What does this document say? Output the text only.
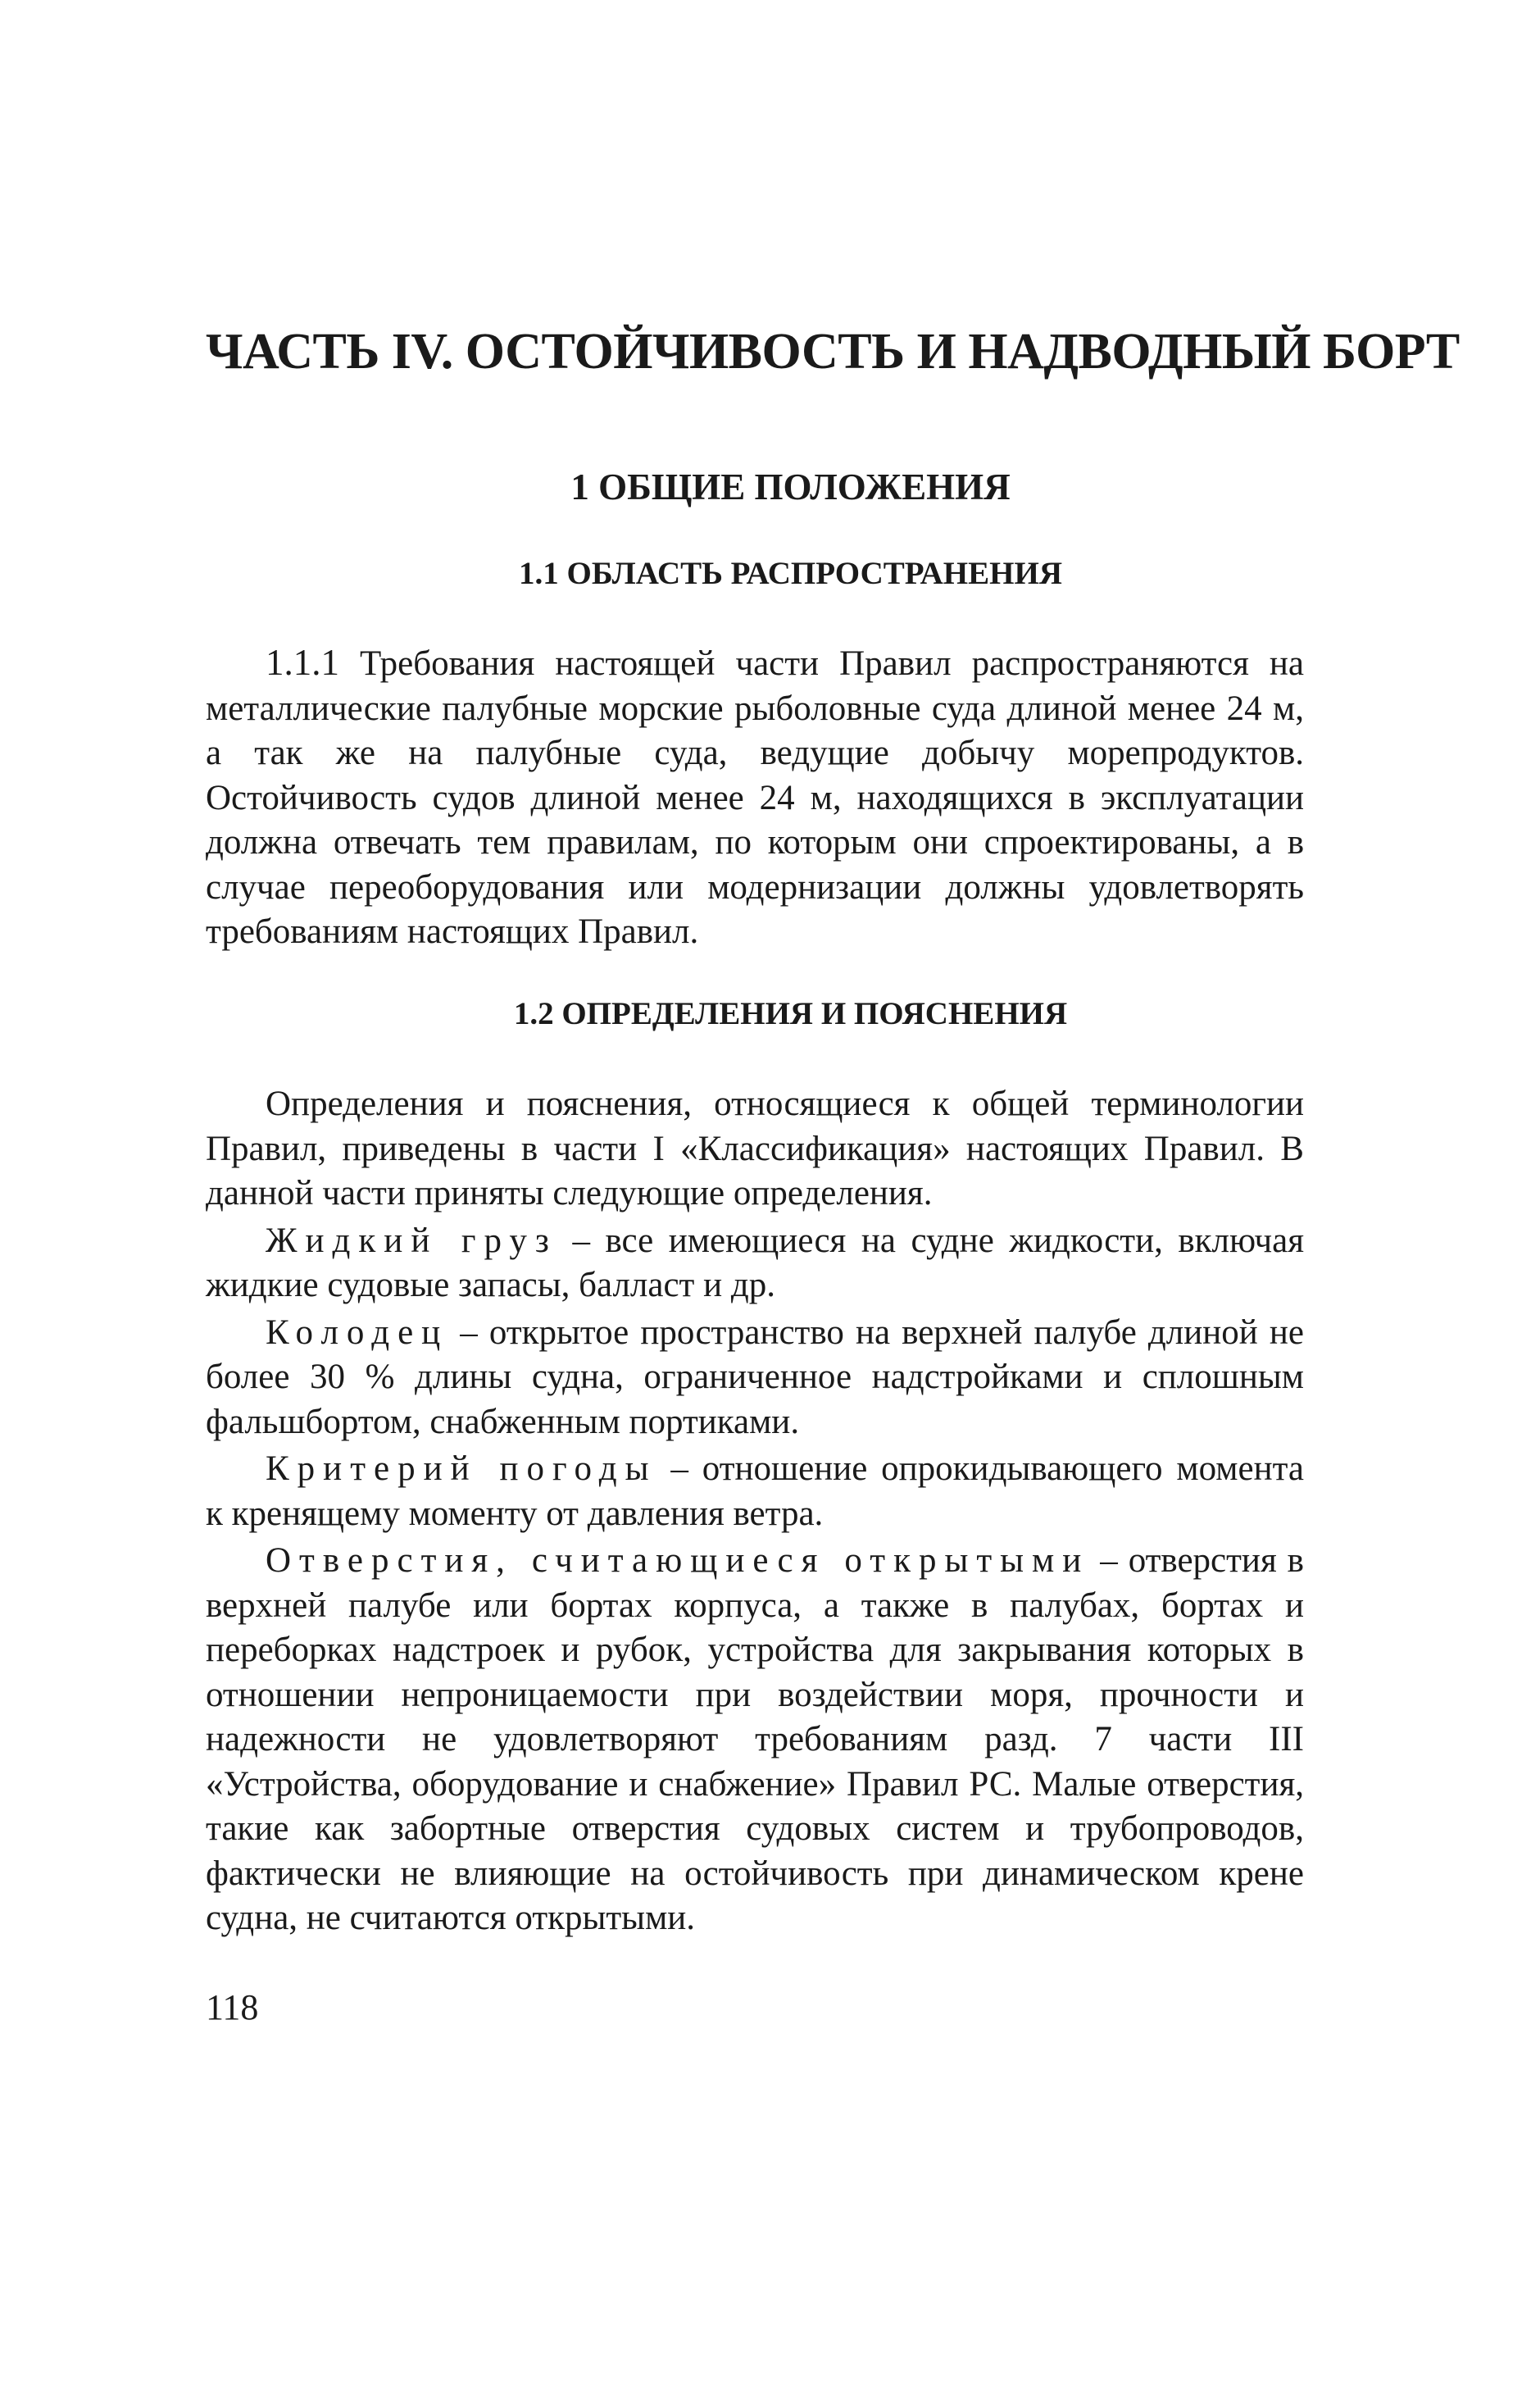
ЧАСТЬ IV. ОСТОЙЧИВОСТЬ И НАДВОДНЫЙ БОРТ
1 ОБЩИЕ ПОЛОЖЕНИЯ
1.1 ОБЛАСТЬ РАСПРОСТРАНЕНИЯ

1.1.1 Требования настоящей части Правил распространяются на металлические палубные морские рыболовные суда длиной менее 24 м, а так же на палубные суда, ведущие добычу морепродуктов. Остойчивость судов длиной менее 24 м, находящихся в эксплуатации должна отвечать тем правилам, по которым они спроектированы, а в случае переоборудования или модернизации должны удовлетворять требованиям настоящих Правил.

1.2 ОПРЕДЕЛЕНИЯ И ПОЯСНЕНИЯ

Определения и пояснения, относящиеся к общей терминологии Правил, приведены в части I «Классификация» настоящих Правил. В данной части приняты следующие определения.

Жидкий груз – все имеющиеся на судне жидкости, включая жидкие судовые запасы, балласт и др.

Колодец – открытое пространство на верхней палубе длиной не более 30 % длины судна, ограниченное надстройками и сплошным фальшбортом, снабженным портиками.

Критерий погоды – отношение опрокидывающего момента к кренящему моменту от давления ветра.

Отверстия, считающиеся открытыми – отверстия в верхней палубе или бортах корпуса, а также в палубах, бортах и переборках надстроек и рубок, устройства для закрывания которых в отношении непроницаемости при воздействии моря, прочности и надежности не удовлетворяют требованиям разд. 7 части III «Устройства, оборудование и снабжение» Правил РС. Малые отверстия, такие как забортные отверстия судовых систем и трубопроводов, фактически не влияющие на остойчивость при динамическом крене судна, не считаются открытыми.

118
